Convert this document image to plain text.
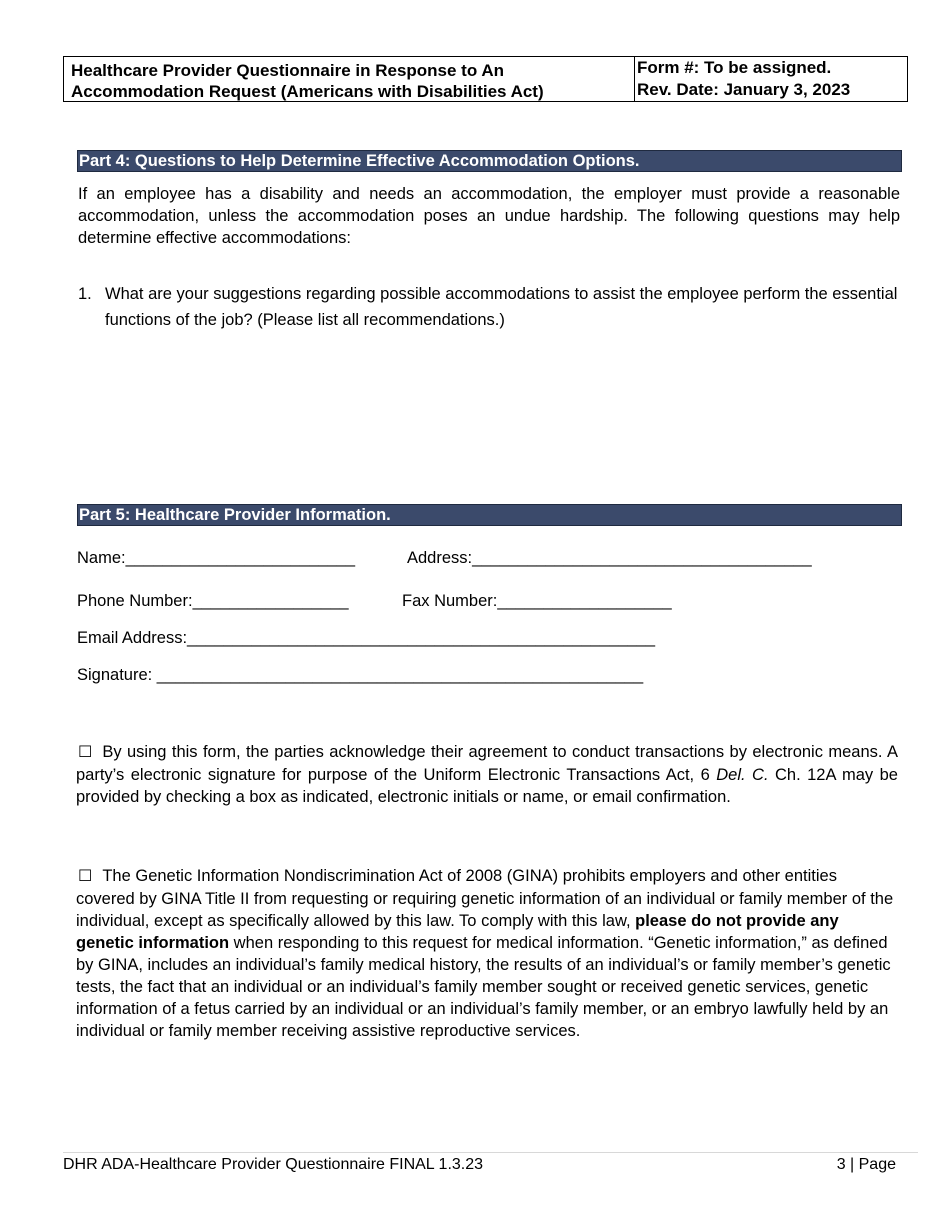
Healthcare Provider Questionnaire in Response to An
Accommodation Request (Americans with Disabilities Act)
Form #: To be assigned.
Rev. Date: January 3, 2023
Part 4: Questions to Help Determine Effective Accommodation Options.
If an employee has a disability and needs an accommodation, the employer must provide a reasonable accommodation, unless the accommodation poses an undue hardship. The following questions may help determine effective accommodations:
1. What are your suggestions regarding possible accommodations to assist the employee perform the essential functions of the job? (Please list all recommendations.)
Part 5: Healthcare Provider Information.
Name:_________________________	Address:_____________________________________
Phone Number:_________________	Fax Number:___________________
Email Address:___________________________________________________
Signature: _____________________________________________________
☐ By using this form, the parties acknowledge their agreement to conduct transactions by electronic means. A party’s electronic signature for purpose of the Uniform Electronic Transactions Act, 6 Del. C. Ch. 12A may be provided by checking a box as indicated, electronic initials or name, or email confirmation.
☐ The Genetic Information Nondiscrimination Act of 2008 (GINA) prohibits employers and other entities covered by GINA Title II from requesting or requiring genetic information of an individual or family member of the individual, except as specifically allowed by this law. To comply with this law, please do not provide any genetic information when responding to this request for medical information. “Genetic information,” as defined by GINA, includes an individual’s family medical history, the results of an individual’s or family member’s genetic tests, the fact that an individual or an individual’s family member sought or received genetic services, genetic information of a fetus carried by an individual or an individual’s family member, or an embryo lawfully held by an individual or family member receiving assistive reproductive services.
DHR ADA-Healthcare Provider Questionnaire FINAL 1.3.23	3 | Page
